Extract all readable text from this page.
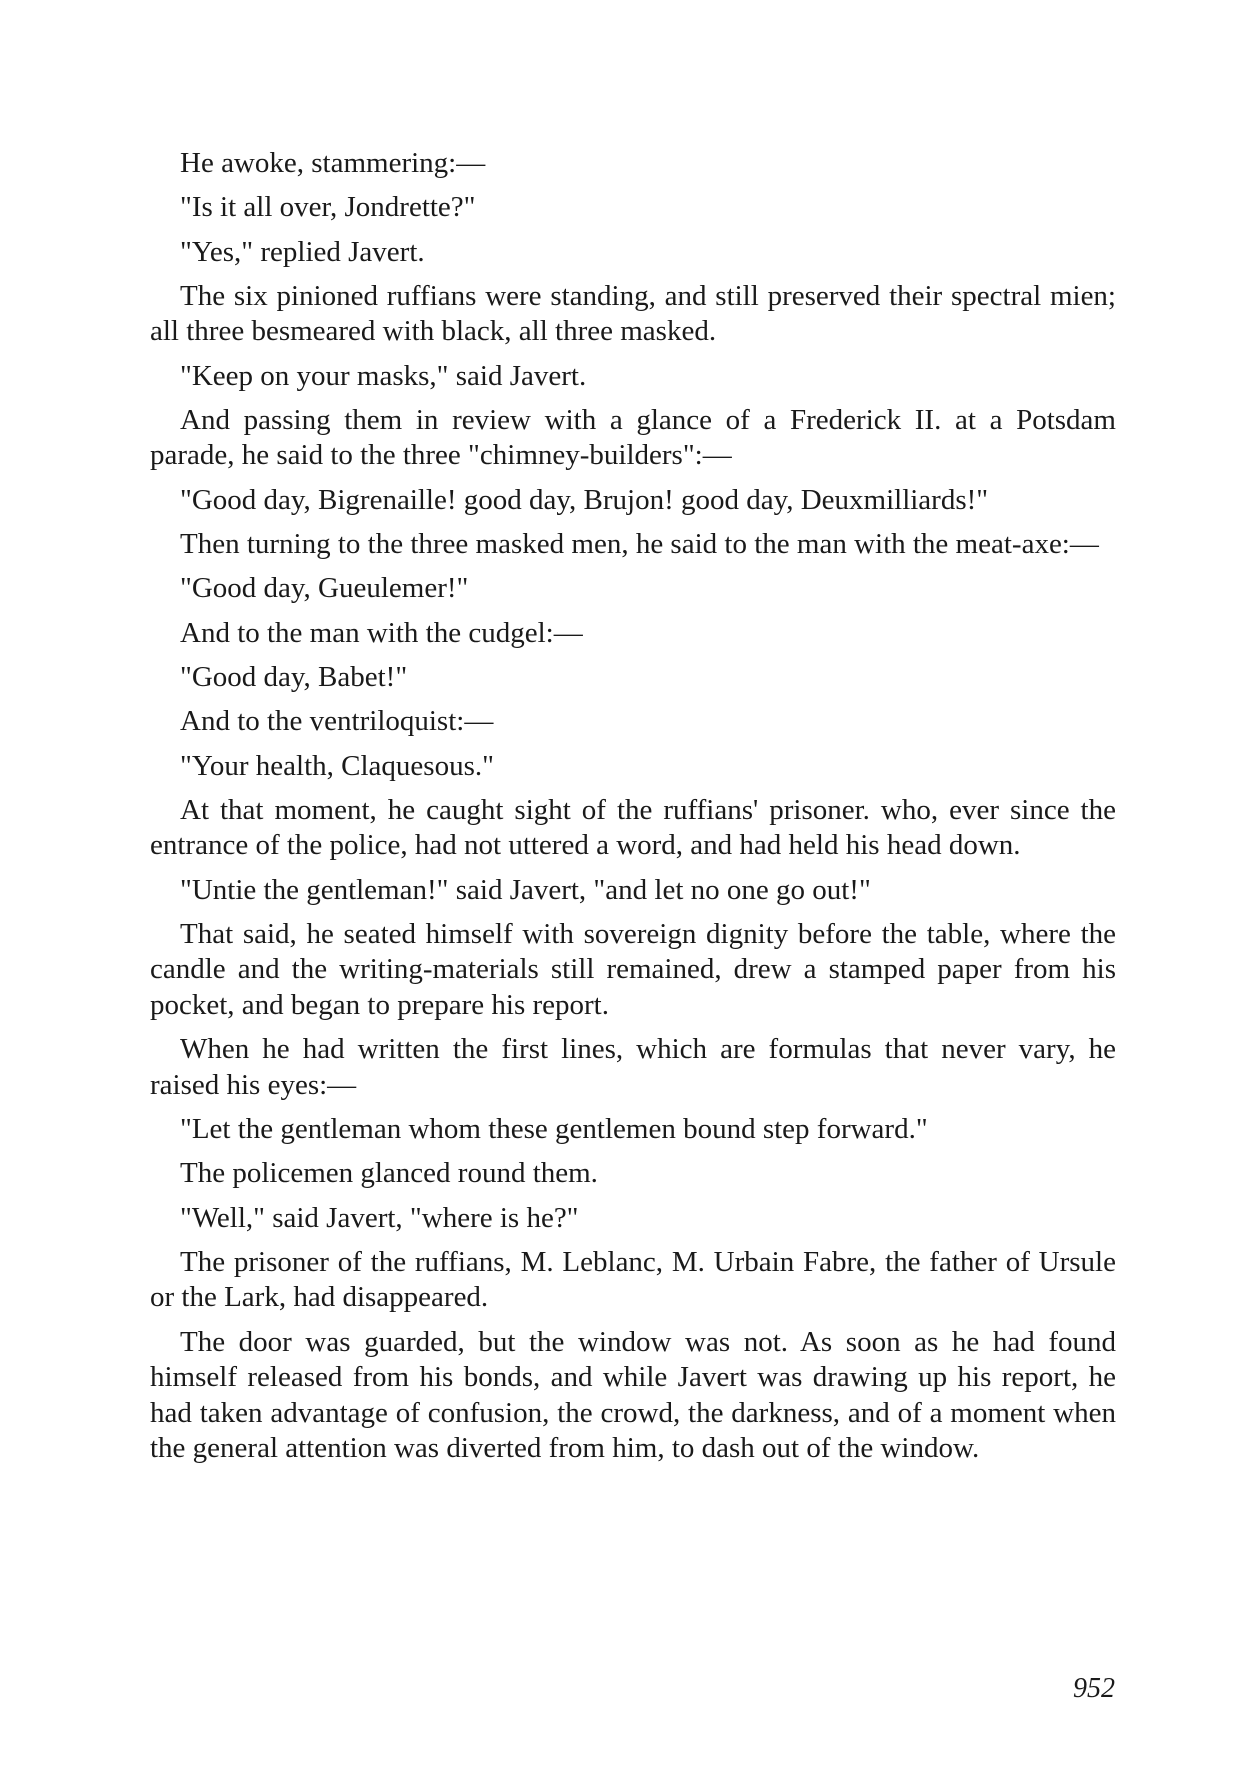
He awoke, stammering:—

"Is it all over, Jondrette?"

"Yes," replied Javert.

The six pinioned ruffians were standing, and still preserved their spectral mien; all three besmeared with black, all three masked.

"Keep on your masks," said Javert.

And passing them in review with a glance of a Frederick II. at a Potsdam parade, he said to the three "chimney-builders":—

"Good day, Bigrenaille! good day, Brujon! good day, Deuxmilliards!"

Then turning to the three masked men, he said to the man with the meat-axe:—

"Good day, Gueulemer!"

And to the man with the cudgel:—

"Good day, Babet!"

And to the ventriloquist:—

"Your health, Claquesous."

At that moment, he caught sight of the ruffians' prisoner. who, ever since the entrance of the police, had not uttered a word, and had held his head down.

"Untie the gentleman!" said Javert, "and let no one go out!"

That said, he seated himself with sovereign dignity before the table, where the candle and the writing-materials still remained, drew a stamped paper from his pocket, and began to prepare his report.

When he had written the first lines, which are formulas that never vary, he raised his eyes:—

"Let the gentleman whom these gentlemen bound step forward."

The policemen glanced round them.

"Well," said Javert, "where is he?"

The prisoner of the ruffians, M. Leblanc, M. Urbain Fabre, the father of Ursule or the Lark, had disappeared.

The door was guarded, but the window was not. As soon as he had found himself released from his bonds, and while Javert was drawing up his report, he had taken advantage of confusion, the crowd, the darkness, and of a moment when the general attention was diverted from him, to dash out of the window.

952
